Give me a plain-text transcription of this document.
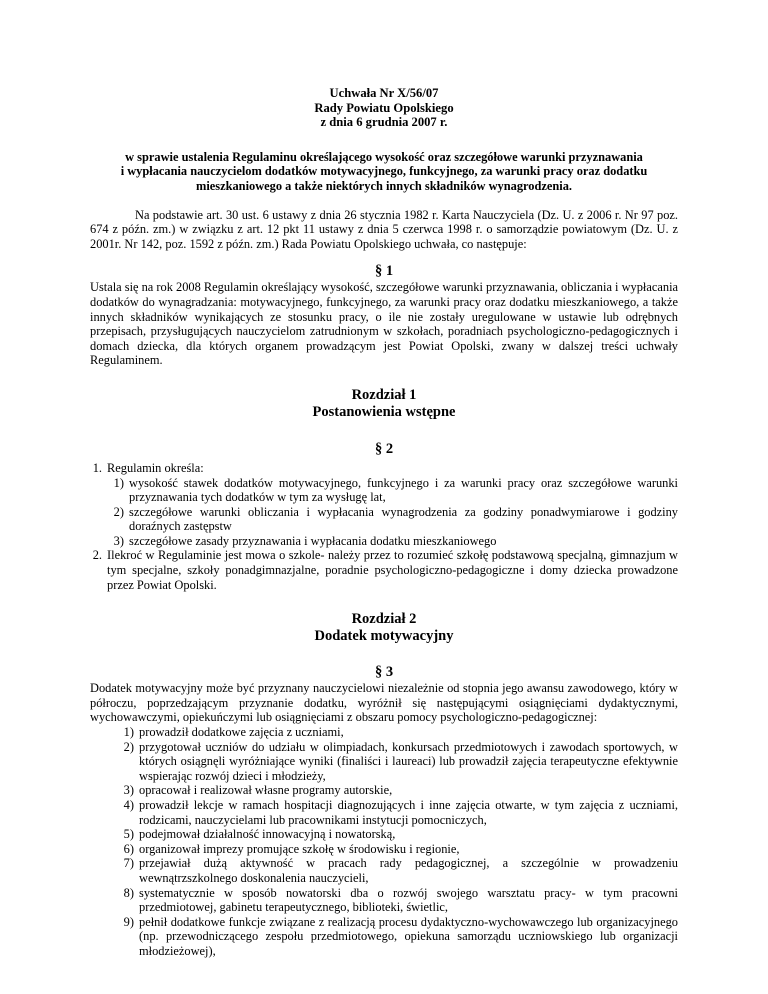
Uchwała Nr X/56/07
Rady Powiatu Opolskiego
z dnia 6 grudnia 2007 r.
w sprawie ustalenia Regulaminu określającego wysokość oraz szczegółowe warunki przyznawania
i wypłacania nauczycielom dodatków motywacyjnego, funkcyjnego, za warunki pracy oraz dodatku
mieszkaniowego a także niektórych innych składników wynagrodzenia.
Na podstawie art. 30 ust. 6 ustawy z dnia 26 stycznia 1982 r. Karta Nauczyciela (Dz. U. z 2006 r. Nr 97 poz. 674 z późn. zm.) w związku z art. 12 pkt 11 ustawy z dnia 5 czerwca 1998 r. o samorządzie powiatowym (Dz. U. z 2001r. Nr 142, poz. 1592 z późn. zm.) Rada Powiatu Opolskiego uchwała, co następuje:
§ 1
Ustala się na rok 2008 Regulamin określający wysokość, szczegółowe warunki przyznawania, obliczania i wypłacania dodatków do wynagradzania: motywacyjnego, funkcyjnego, za warunki pracy oraz dodatku mieszkaniowego, a także innych składników wynikających ze stosunku pracy, o ile nie zostały uregulowane w ustawie lub odrębnych przepisach, przysługujących nauczycielom zatrudnionym w szkołach, poradniach psychologiczno-pedagogicznych i domach dziecka, dla których organem prowadzącym jest Powiat Opolski, zwany w dalszej treści uchwały Regulaminem.
Rozdział 1
Postanowienia wstępne
§ 2
1. Regulamin określa:
1) wysokość stawek dodatków motywacyjnego, funkcyjnego i za warunki pracy oraz szczegółowe warunki przyznawania tych dodatków w tym za wysługę lat,
2) szczegółowe warunki obliczania i wypłacania wynagrodzenia za godziny ponadwymiarowe i godziny doraźnych zastępstw
3) szczegółowe zasady przyznawania i wypłacania dodatku mieszkaniowego
2. Ilekroć w Regulaminie jest mowa o szkole- należy przez to rozumieć szkołę podstawową specjalną, gimnazjum w tym specjalne, szkoły ponadgimnazjalne, poradnie psychologiczno-pedagogiczne i domy dziecka prowadzone przez Powiat Opolski.
Rozdział 2
Dodatek motywacyjny
§ 3
Dodatek motywacyjny może być przyznany nauczycielowi niezależnie od stopnia jego awansu zawodowego, który w półroczu, poprzedzającym przyznanie dodatku, wyróżnił się następującymi osiągnięciami dydaktycznymi, wychowawczymi, opiekuńczymi lub osiągnięciami z obszaru pomocy psychologiczno-pedagogicznej:
1) prowadził dodatkowe zajęcia z uczniami,
2) przygotował uczniów do udziału w olimpiadach, konkursach przedmiotowych i zawodach sportowych, w których osiągnęli wyróżniające wyniki (finaliści i laureaci) lub prowadził zajęcia terapeutyczne efektywnie wspierając rozwój dzieci i młodzieży,
3) opracował i realizował własne programy autorskie,
4) prowadził lekcje w ramach hospitacji diagnozujących i inne zajęcia otwarte, w tym zajęcia z uczniami, rodzicami, nauczycielami lub pracownikami instytucji pomocniczych,
5) podejmował działalność innowacyjną i nowatorską,
6) organizował imprezy promujące szkołę w środowisku i regionie,
7) przejawiał dużą aktywność w pracach rady pedagogicznej, a szczególnie w prowadzeniu wewnątrzszkolnego doskonalenia nauczycieli,
8) systematycznie w sposób nowatorski dba o rozwój swojego warsztatu pracy- w tym pracowni przedmiotowej, gabinetu terapeutycznego, biblioteki, świetlic,
9) pełnił dodatkowe funkcje związane z realizacją procesu dydaktyczno-wychowawczego lub organizacyjnego (np. przewodniczącego zespołu przedmiotowego, opiekuna samorządu uczniowskiego lub organizacji młodzieżowej),
